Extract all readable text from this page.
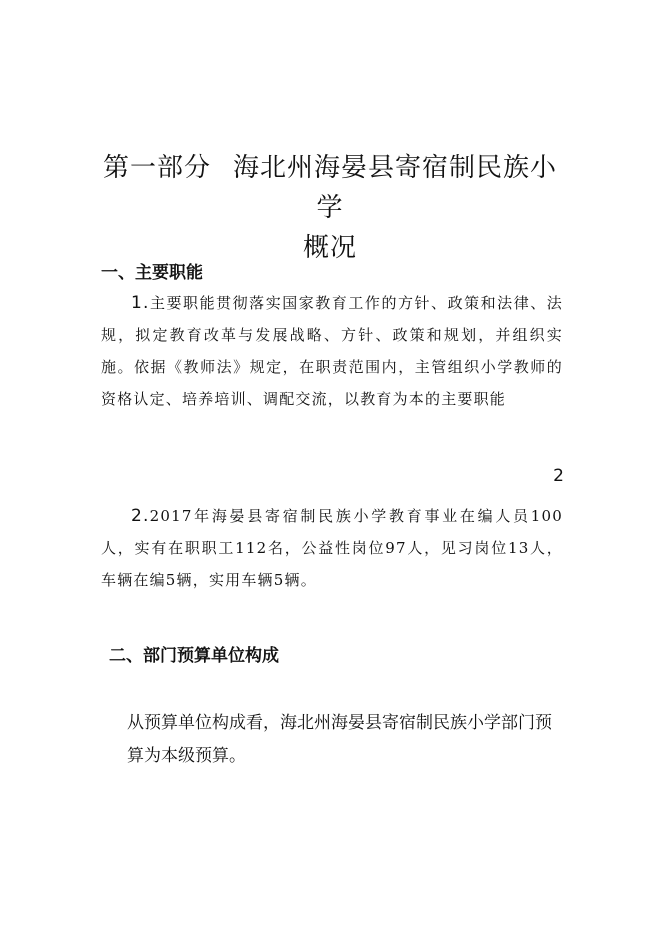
第一部分 海北州海晏县寄宿制民族小学
概况
一、主要职能
1.主要职能贯彻落实国家教育工作的方针、政策和法律、法规，拟定教育改革与发展战略、方针、政策和规划，并组织实施。依据《教师法》规定，在职责范围内，主管组织小学教师的资格认定、培养培训、调配交流，以教育为本的主要职能
2
2.2017年海晏县寄宿制民族小学教育事业在编人员100人，实有在职职工112名，公益性岗位97人，见习岗位13人，车辆在编5辆，实用车辆5辆。
二、部门预算单位构成
从预算单位构成看，海北州海晏县寄宿制民族小学部门预算为本级预算。
